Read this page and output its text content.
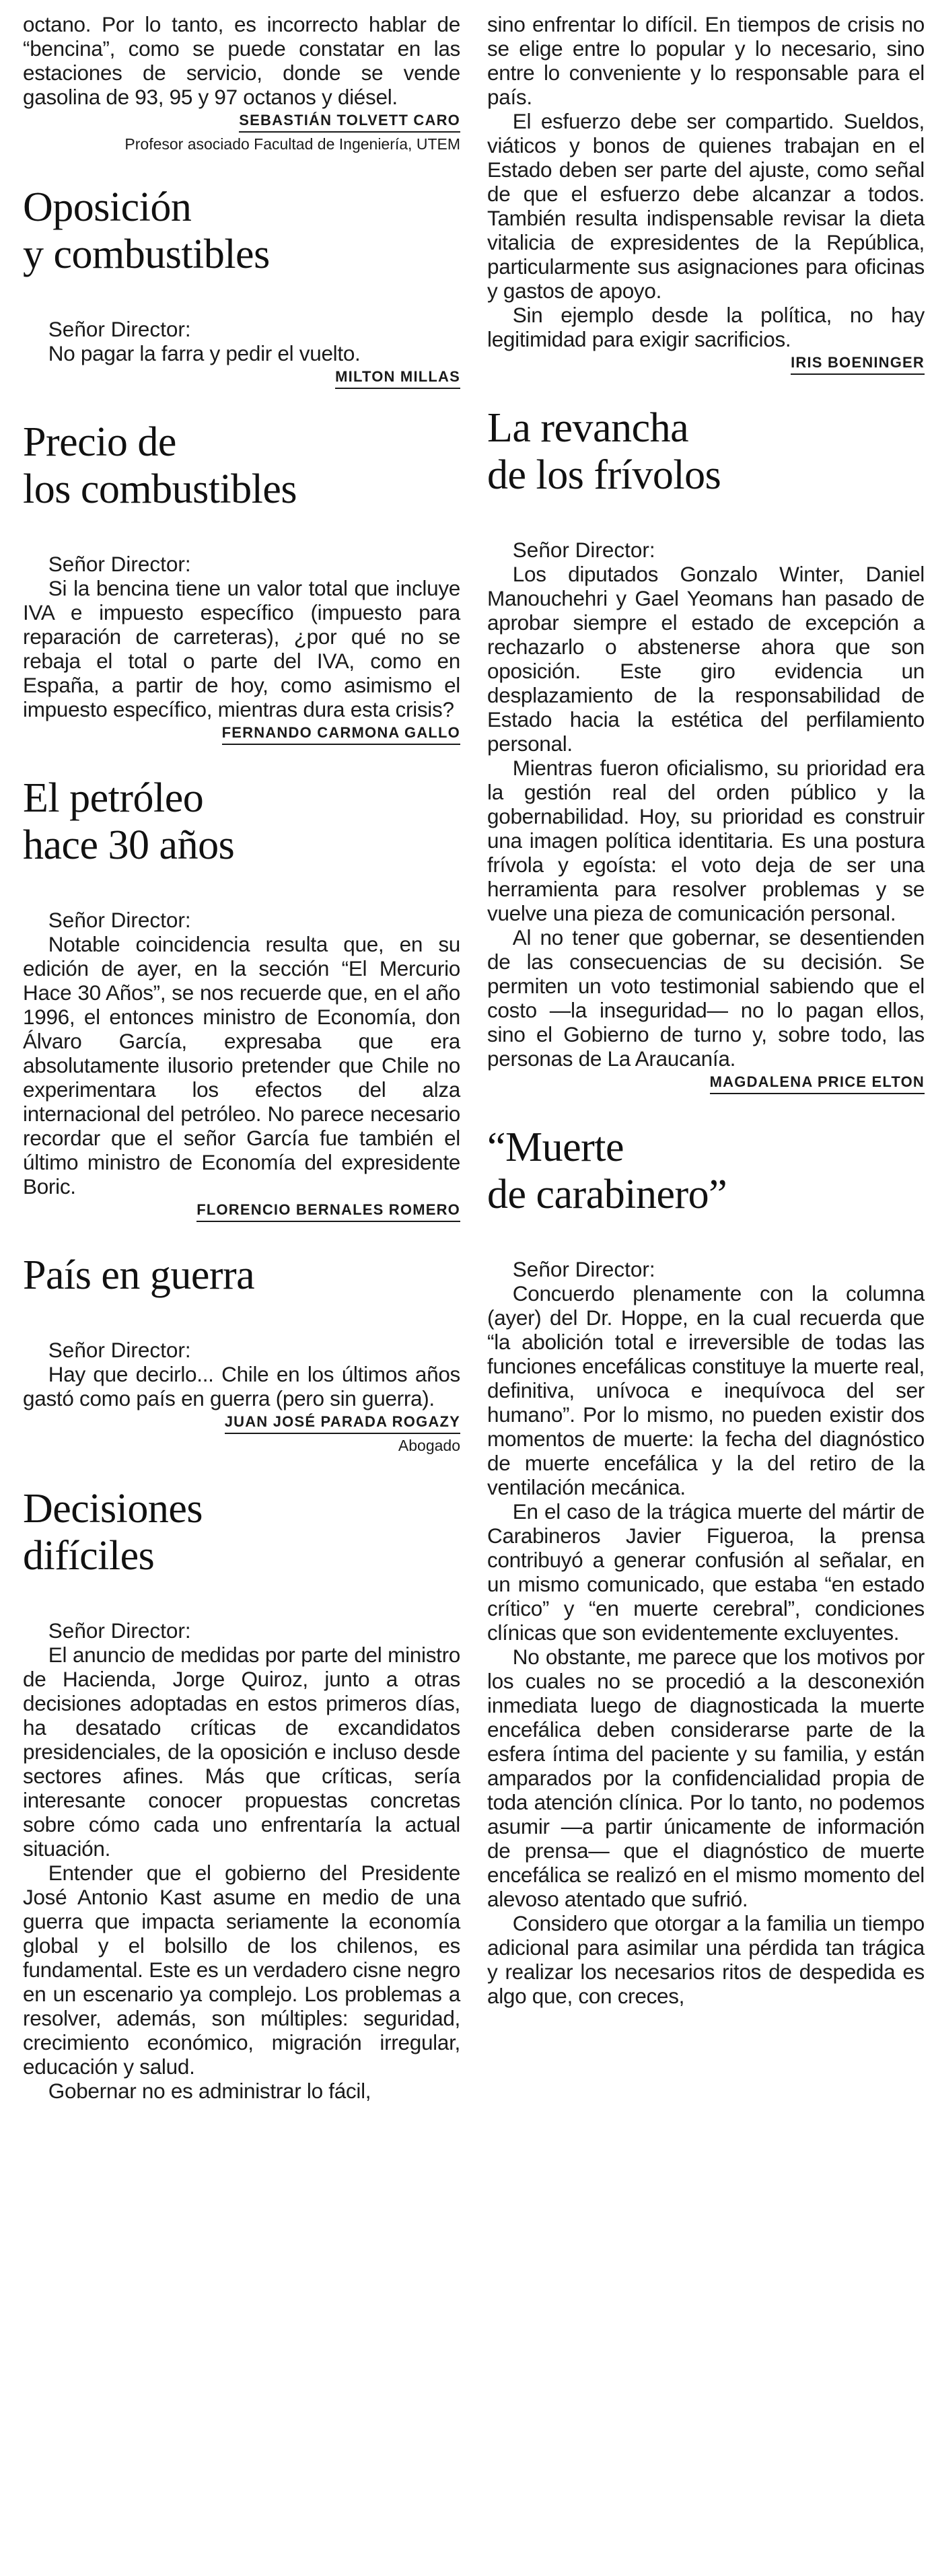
octano. Por lo tanto, es incorrecto hablar de “bencina”, como se puede constatar en las estaciones de servicio, donde se vende gasolina de 93, 95 y 97 octanos y diésel.

SEBASTIÁN TOLVETT CARO
Profesor asociado Facultad de Ingeniería, UTEM
Oposición
y combustibles

Señor Director:

No pagar la farra y pedir el vuelto.

MILTON MILLAS
Precio de
los combustibles

Señor Director:

Si la bencina tiene un valor total que incluye IVA e impuesto específico (impuesto para reparación de carreteras), ¿por qué no se rebaja el total o parte del IVA, como en España, a partir de hoy, como asimismo el impuesto específico, mientras dura esta crisis?

FERNANDO CARMONA GALLO
El petróleo
hace 30 años

Señor Director:

Notable coincidencia resulta que, en su edición de ayer, en la sección “El Mercurio Hace 30 Años”, se nos recuerde que, en el año 1996, el entonces ministro de Economía, don Álvaro García, expresaba que era absolutamente ilusorio pretender que Chile no experimentara los efectos del alza internacional del petróleo. No parece necesario recordar que el señor García fue también el último ministro de Economía del expresidente Boric.

FLORENCIO BERNALES ROMERO
País en guerra

Señor Director:

Hay que decirlo... Chile en los últimos años gastó como país en guerra (pero sin guerra).

JUAN JOSÉ PARADA ROGAZY
Abogado
Decisiones
difíciles

Señor Director:

El anuncio de medidas por parte del ministro de Hacienda, Jorge Quiroz, junto a otras decisiones adoptadas en estos primeros días, ha desatado críticas de excandidatos presidenciales, de la oposición e incluso desde sectores afines. Más que críticas, sería interesante conocer propuestas concretas sobre cómo cada uno enfrentaría la actual situación.

Entender que el gobierno del Presidente José Antonio Kast asume en medio de una guerra que impacta seriamente la economía global y el bolsillo de los chilenos, es fundamental. Este es un verdadero cisne negro en un escenario ya complejo. Los problemas a resolver, además, son múltiples: seguridad, crecimiento económico, migración irregular, educación y salud.

Gobernar no es administrar lo fácil,

sino enfrentar lo difícil. En tiempos de crisis no se elige entre lo popular y lo necesario, sino entre lo conveniente y lo responsable para el país.

El esfuerzo debe ser compartido. Sueldos, viáticos y bonos de quienes trabajan en el Estado deben ser parte del ajuste, como señal de que el esfuerzo debe alcanzar a todos. También resulta indispensable revisar la dieta vitalicia de expresidentes de la República, particularmente sus asignaciones para oficinas y gastos de apoyo.

Sin ejemplo desde la política, no hay legitimidad para exigir sacrificios.

IRIS BOENINGER
La revancha
de los frívolos

Señor Director:

Los diputados Gonzalo Winter, Daniel Manouchehri y Gael Yeomans han pasado de aprobar siempre el estado de excepción a rechazarlo o abstenerse ahora que son oposición. Este giro evidencia un desplazamiento de la responsabilidad de Estado hacia la estética del perfilamiento personal.

Mientras fueron oficialismo, su prioridad era la gestión real del orden público y la gobernabilidad. Hoy, su prioridad es construir una imagen política identitaria. Es una postura frívola y egoísta: el voto deja de ser una herramienta para resolver problemas y se vuelve una pieza de comunicación personal.

Al no tener que gobernar, se desentienden de las consecuencias de su decisión. Se permiten un voto testimonial sabiendo que el costo —la inseguridad— no lo pagan ellos, sino el Gobierno de turno y, sobre todo, las personas de La Araucanía.

MAGDALENA PRICE ELTON
“Muerte
de carabinero”

Señor Director:

Concuerdo plenamente con la columna (ayer) del Dr. Hoppe, en la cual recuerda que “la abolición total e irreversible de todas las funciones encefálicas constituye la muerte real, definitiva, unívoca e inequívoca del ser humano”. Por lo mismo, no pueden existir dos momentos de muerte: la fecha del diagnóstico de muerte encefálica y la del retiro de la ventilación mecánica.

En el caso de la trágica muerte del mártir de Carabineros Javier Figueroa, la prensa contribuyó a generar confusión al señalar, en un mismo comunicado, que estaba “en estado crítico” y “en muerte cerebral”, condiciones clínicas que son evidentemente excluyentes.

No obstante, me parece que los motivos por los cuales no se procedió a la desconexión inmediata luego de diagnosticada la muerte encefálica deben considerarse parte de la esfera íntima del paciente y su familia, y están amparados por la confidencialidad propia de toda atención clínica. Por lo tanto, no podemos asumir —a partir únicamente de información de prensa— que el diagnóstico de muerte encefálica se realizó en el mismo momento del alevoso atentado que sufrió.

Considero que otorgar a la familia un tiempo adicional para asimilar una pérdida tan trágica y realizar los necesarios ritos de despedida es algo que, con creces,
